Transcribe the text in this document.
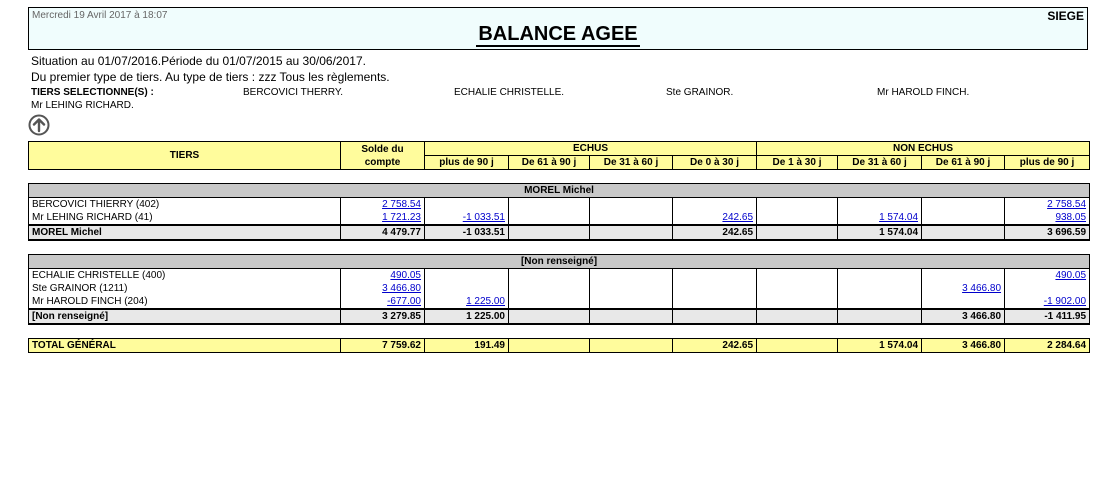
Mercredi 19 Avril 2017 à 18:07	SIEGE
BALANCE AGEE
Situation au 01/07/2016.Période du 01/07/2015 au 30/06/2017.
Du premier type de tiers. Au type de tiers : zzz Tous les règlements.
TIERS SELECTIONNE(S) :	BERCOVICI THERRY.	ECHALIE CHRISTELLE.	Ste GRAINOR.	Mr HAROLD FINCH.
Mr LEHING RICHARD.
TIERS	Solde du compte	ECHUS				NON ECHUS			
		plus de 90 j	De 61 à 90 j	De 31 à 60 j	De 0 à 30 j	De 1 à 30 j	De 31 à 60 j	De 61 à 90 j	plus de 90 j

MOREL Michel									
BERCOVICI THIERRY (402)	2 758.54								2 758.54
Mr LEHING RICHARD (41)	1 721.23	-1 033.51			242.65		1 574.04		938.05
MOREL Michel	4 479.77	-1 033.51			242.65		1 574.04		3 696.59

[Non renseigné]									
ECHALIE CHRISTELLE (400)	490.05								490.05
Ste GRAINOR (1211)	3 466.80							3 466.80	
Mr HAROLD FINCH (204)	-677.00	1 225.00							-1 902.00
[Non renseigné]	3 279.85	1 225.00						3 466.80	-1 411.95

TOTAL GÉNÉRAL	7 759.62	191.49			242.65		1 574.04	3 466.80	2 284.64
